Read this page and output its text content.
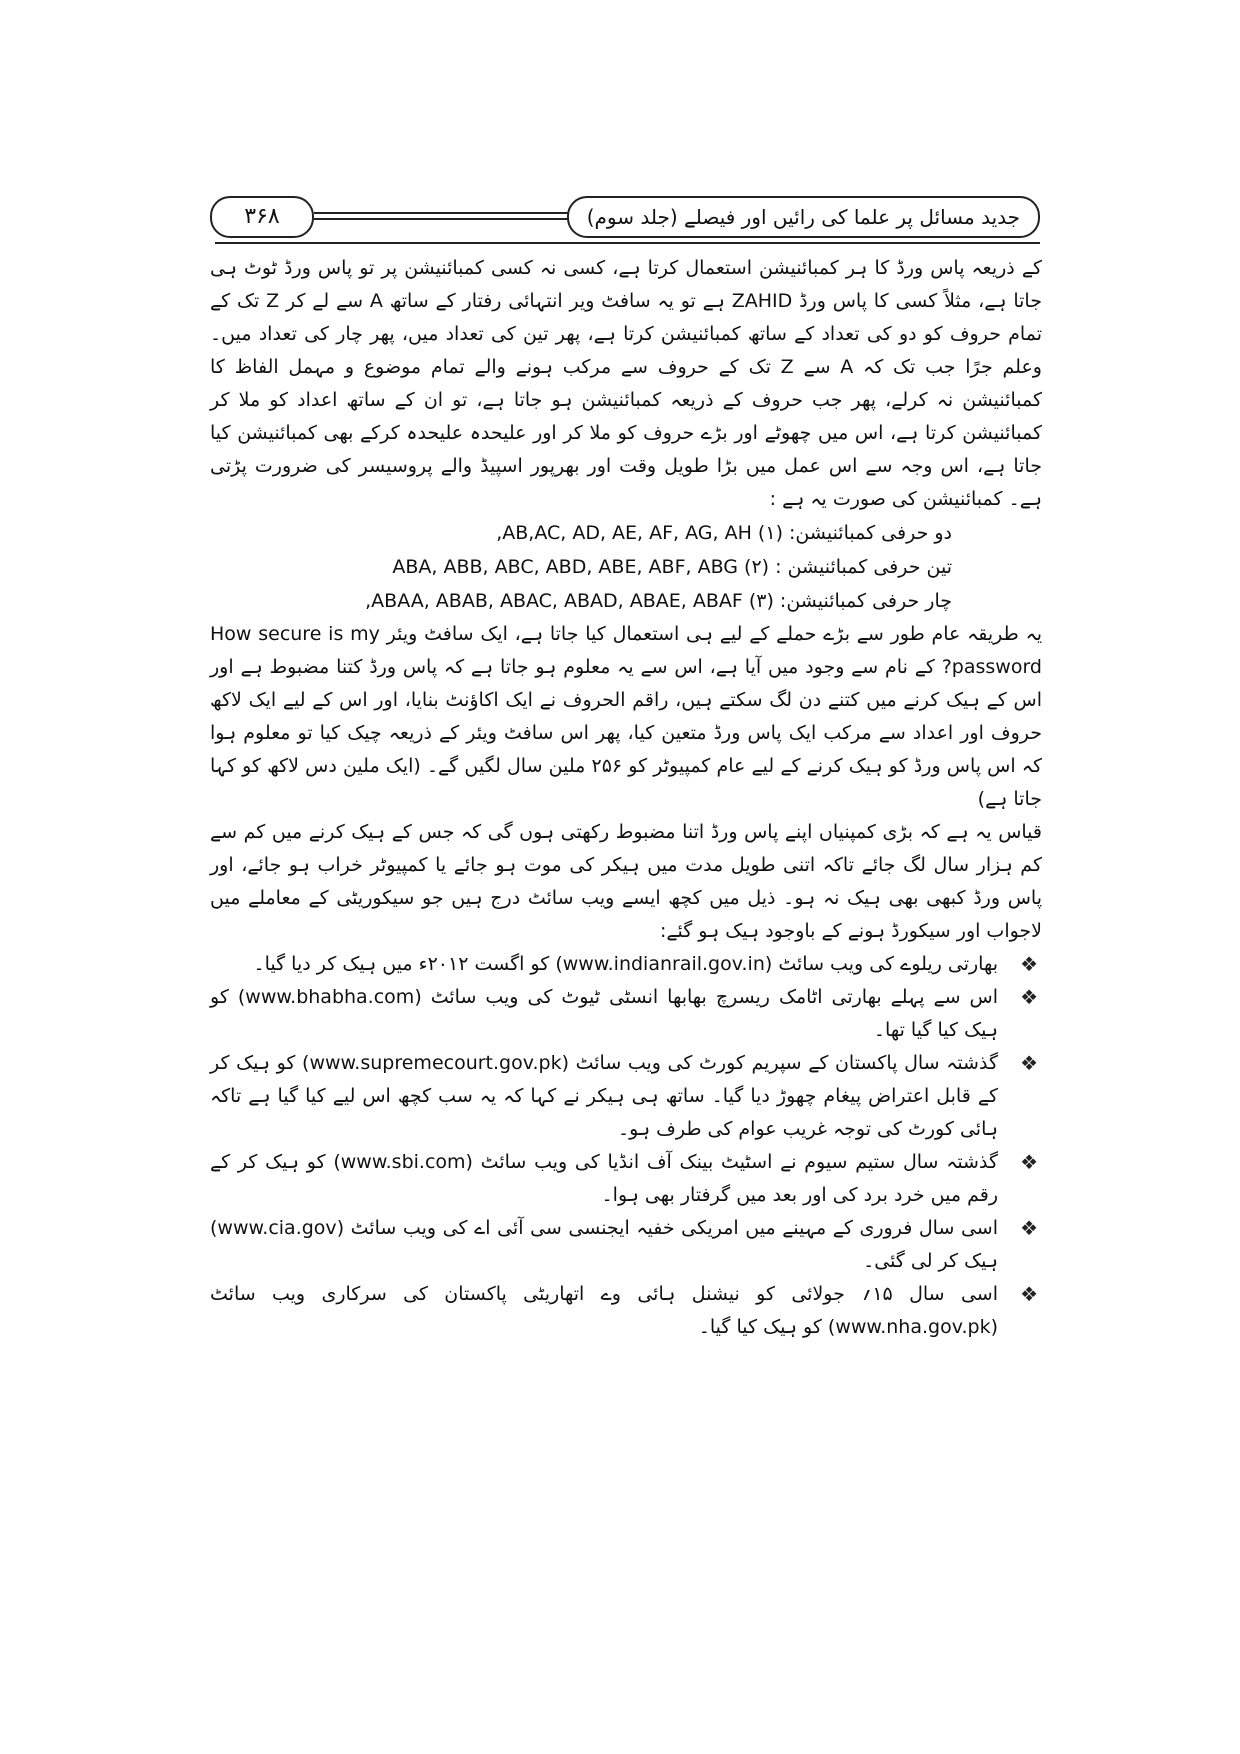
جدید مسائل پر علما کی رائیں اور فیصلے (جلد سوم)
۳۶۸

کے ذریعہ پاس ورڈ کا ہر کمبائنیشن استعمال کرتا ہے، کسی نہ کسی کمبائنیشن پر تو پاس ورڈ ٹوٹ ہی جاتا ہے، مثلاً کسی کا پاس ورڈ ZAHID ہے تو یہ سافٹ ویر انتہائی رفتار کے ساتھ A سے لے کر Z تک کے تمام حروف کو دو کی تعداد کے ساتھ کمبائنیشن کرتا ہے، پھر تین کی تعداد میں، پھر چار کی تعداد میں۔ وعلم جرًا جب تک کہ A سے Z تک کے حروف سے مرکب ہونے والے تمام موضوع و مہمل الفاظ کا کمبائنیشن نہ کرلے، پھر جب حروف کے ذریعہ کمبائنیشن ہو جاتا ہے، تو ان کے ساتھ اعداد کو ملا کر کمبائنیشن کرتا ہے، اس میں چھوٹے اور بڑے حروف کو ملا کر اور علیحدہ علیحدہ کرکے بھی کمبائنیشن کیا جاتا ہے، اس وجہ سے اس عمل میں بڑا طویل وقت اور بھرپور اسپیڈ والے پروسیسر کی ضرورت پڑتی ہے۔ کمبائنیشن کی صورت یہ ہے :

دو حرفی کمبائنیشن: (۱) AB,AC, AD, AE, AF, AG, AH,

تین حرفی کمبائنیشن : (۲) ABA, ABB, ABC, ABD, ABE, ABF, ABG

چار حرفی کمبائنیشن: (۳) ABAA, ABAB, ABAC, ABAD, ABAE, ABAF,

یہ طریقہ عام طور سے بڑے حملے کے لیے ہی استعمال کیا جاتا ہے، ایک سافٹ ویئر How secure is my password? کے نام سے وجود میں آیا ہے، اس سے یہ معلوم ہو جاتا ہے کہ پاس ورڈ کتنا مضبوط ہے اور اس کے ہیک کرنے میں کتنے دن لگ سکتے ہیں، راقم الحروف نے ایک اکاؤنٹ بنایا، اور اس کے لیے ایک لاکھ حروف اور اعداد سے مرکب ایک پاس ورڈ متعین کیا، پھر اس سافٹ ویئر کے ذریعہ چیک کیا تو معلوم ہوا کہ اس پاس ورڈ کو ہیک کرنے کے لیے عام کمپیوٹر کو ۲۵۶ ملین سال لگیں گے۔ (ایک ملین دس لاکھ کو کہا جاتا ہے)

قیاس یہ ہے کہ بڑی کمپنیاں اپنے پاس ورڈ اتنا مضبوط رکھتی ہوں گی کہ جس کے ہیک کرنے میں کم سے کم ہزار سال لگ جائے تاکہ اتنی طویل مدت میں ہیکر کی موت ہو جائے یا کمپیوٹر خراب ہو جائے، اور پاس ورڈ کبھی بھی ہیک نہ ہو۔ ذیل میں کچھ ایسے ویب سائٹ درج ہیں جو سیکوریٹی کے معاملے میں لاجواب اور سیکورڈ ہونے کے باوجود ہیک ہو گئے:

❖
بھارتی ریلوے کی ویب سائٹ (www.indianrail.gov.in) کو اگست ۲۰۱۲ء میں ہیک کر دیا گیا۔
❖
اس سے پہلے بھارتی اٹامک ریسرچ بھابھا انسٹی ٹیوٹ کی ویب سائٹ (www.bhabha.com) کو ہیک کیا گیا تھا۔
❖
گذشتہ سال پاکستان کے سپریم کورٹ کی ویب سائٹ (www.supremecourt.gov.pk) کو ہیک کر کے قابل اعتراض پیغام چھوڑ دیا گیا۔ ساتھ ہی ہیکر نے کہا کہ یہ سب کچھ اس لیے کیا گیا ہے تاکہ ہائی کورٹ کی توجہ غریب عوام کی طرف ہو۔
❖
گذشتہ سال ستیم سیوم نے اسٹیٹ بینک آف انڈیا کی ویب سائٹ (www.sbi.com) کو ہیک کر کے رقم میں خرد برد کی اور بعد میں گرفتار بھی ہوا۔
❖
اسی سال فروری کے مہینے میں امریکی خفیہ ایجنسی سی آئی اے کی ویب سائٹ (www.cia.gov) ہیک کر لی گئی۔
❖
اسی سال ۱۵؍ جولائی کو نیشنل ہائی وے اتھاریٹی پاکستان کی سرکاری ویب سائٹ (www.nha.gov.pk) کو ہیک کیا گیا۔
